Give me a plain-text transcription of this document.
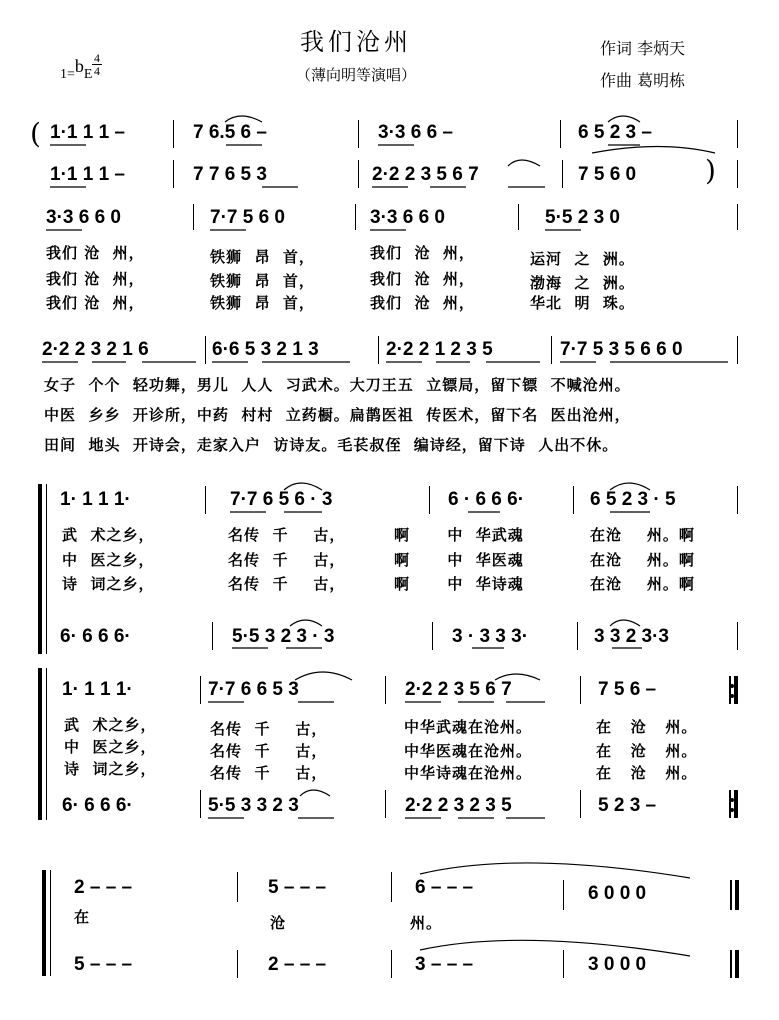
我们沧州
（薄向明等演唱）
作词 李炳天
作曲 葛明栋
1=bE
4
4
( 1·1 1 1 –	7 6.5 6 –	3·3 6 6 –	6 5 2 3 –
1·1 1 1 –	7 7 6 5 3	2·2 2 3 5 6 7	7 5 6 0 )
3·3 6 6 0	7·7 5 6 0	3·3 6 6 0	5·5 2 3 0
我们 沧  州，	铁狮  昂  首，	我们  沧  州，	运河  之  洲。
我们 沧  州，	铁狮  昂  首，	我们  沧  州，	渤海  之  洲。
我们 沧  州，	铁狮  昂  首，	我们  沧  州，	华北  明  珠。
2·2 2 3 2 1 6	6·6 5 3 2 1 3	2·2 2 1 2 3 5	7·7 5 3 5 6 6 0
女子  个个  轻功舞，男儿  人人  习武术。大刀王五  立镖局，留下镖  不喊沧州。
中医  乡乡  开诊所，中药  村村  立药橱。扁鹊医祖  传医术，留下名  医出沧州，
田间  地头  开诗会，走家入户  访诗友。毛苌叔侄  编诗经，留下诗  人出不休。
1· 1 1 1·	7·7 6 5 6 · 3	6 · 6 6 6·	6 5 2 3 · 5
武  术之乡，	名传  千    古，	啊      中  华武魂	在沧    州。啊
中  医之乡，	名传  千    古，	啊      中  华医魂	在沧    州。啊
诗  词之乡，	名传  千    古，	啊      中  华诗魂	在沧    州。啊
6· 6 6 6·	5·5 3 2 3 · 3	3 · 3 3 3·	3 3 2 3·3
1· 1 1 1·	7·7 6 6 5 3	2·2 2 3 5 6 7	7 5 6 –
武  术之乡，	名传  千    古，	中华武魂在沧州。	在   沧   州。
中  医之乡，	名传  千    古，	中华医魂在沧州。	在   沧   州。
诗  词之乡，	名传  千    古，	中华诗魂在沧州。	在   沧   州。
6· 6 6 6·	5·5 3 3 2 3	2·2 2 3 2 3 5	5 2 3 –
2 – – –	5 – – –	6 – – –	6 0 0 0
在	沧	州。
5 – – –	2 – – –	3 – – –	3 0 0 0
